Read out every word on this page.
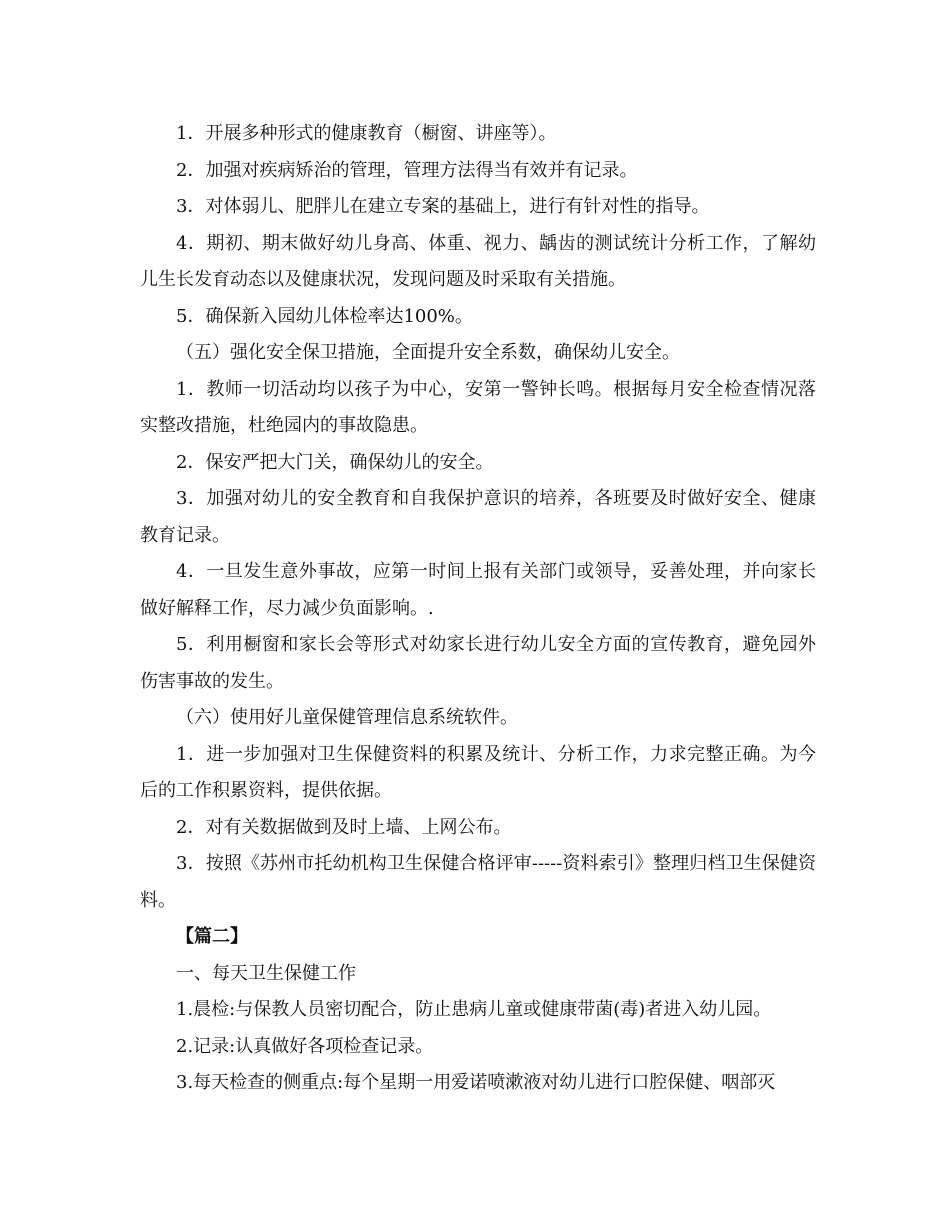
1．开展多种形式的健康教育（橱窗、讲座等）。

2．加强对疾病矫治的管理，管理方法得当有效并有记录。

3．对体弱儿、肥胖儿在建立专案的基础上，进行有针对性的指导。

4．期初、期末做好幼儿身高、体重、视力、龋齿的测试统计分析工作，了解幼儿生长发育动态以及健康状况，发现问题及时采取有关措施。

5．确保新入园幼儿体检率达100%。

（五）强化安全保卫措施，全面提升安全系数，确保幼儿安全。

1．教师一切活动均以孩子为中心，安第一警钟长鸣。根据每月安全检查情况落实整改措施，杜绝园内的事故隐患。

2．保安严把大门关，确保幼儿的安全。

3．加强对幼儿的安全教育和自我保护意识的培养，各班要及时做好安全、健康教育记录。

4．一旦发生意外事故，应第一时间上报有关部门或领导，妥善处理，并向家长做好解释工作，尽力减少负面影响。.

5．利用橱窗和家长会等形式对幼家长进行幼儿安全方面的宣传教育，避免园外伤害事故的发生。

（六）使用好儿童保健管理信息系统软件。

1．进一步加强对卫生保健资料的积累及统计、分析工作，力求完整正确。为今后的工作积累资料，提供依据。

2．对有关数据做到及时上墙、上网公布。

3．按照《苏州市托幼机构卫生保健合格评审-----资料索引》整理归档卫生保健资料。

【篇二】

一、每天卫生保健工作

1.晨检:与保教人员密切配合，防止患病儿童或健康带菌(毒)者进入幼儿园。

2.记录:认真做好各项检查记录。

3.每天检查的侧重点:每个星期一用爱诺喷漱液对幼儿进行口腔保健、咽部灭
